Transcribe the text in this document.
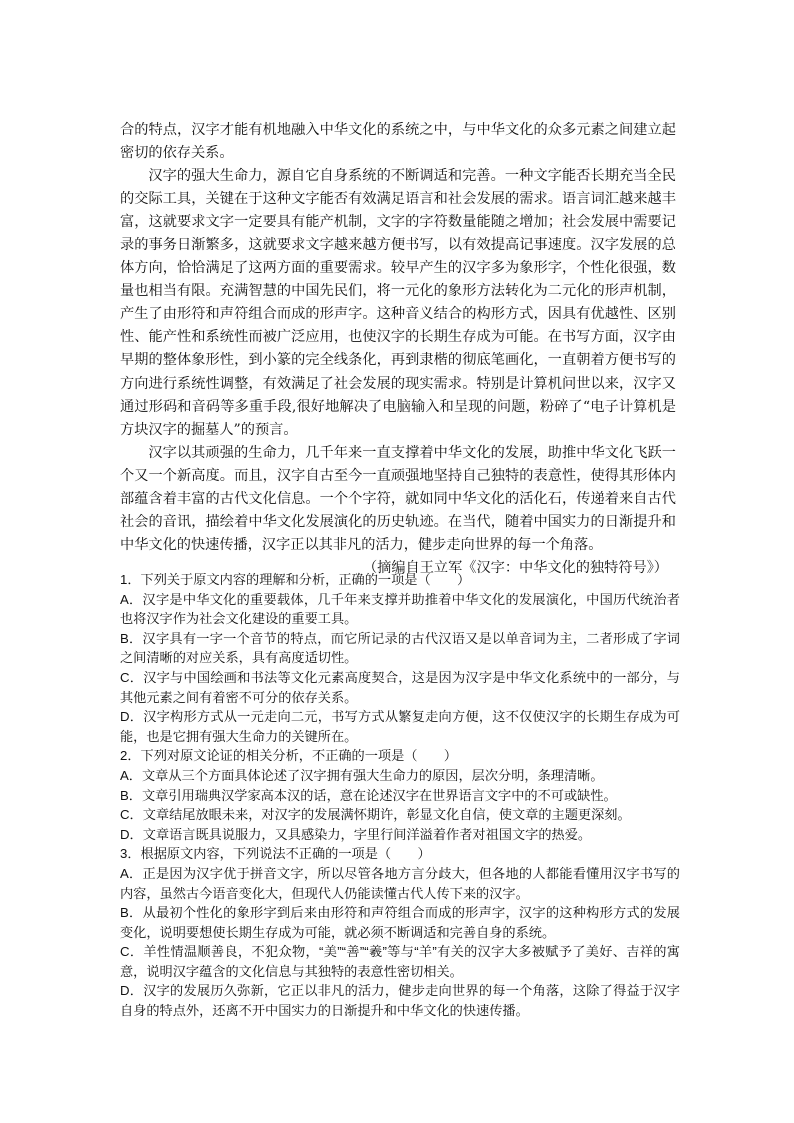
合的特点，汉字才能有机地融入中华文化的系统之中，与中华文化的众多元素之间建立起密切的依存关系。

汉字的强大生命力，源自它自身系统的不断调适和完善。一种文字能否长期充当全民的交际工具，关键在于这种文字能否有效满足语言和社会发展的需求。语言词汇越来越丰富，这就要求文字一定要具有能产机制，文字的字符数量能随之增加；社会发展中需要记录的事务日渐繁多，这就要求文字越来越方便书写，以有效提高记事速度。汉字发展的总体方向，恰恰满足了这两方面的重要需求。较早产生的汉字多为象形字，个性化很强，数量也相当有限。充满智慧的中国先民们，将一元化的象形方法转化为二元化的形声机制，产生了由形符和声符组合而成的形声字。这种音义结合的构形方式，因具有优越性、区别性、能产性和系统性而被广泛应用，也使汉字的长期生存成为可能。在书写方面，汉字由早期的整体象形性，到小篆的完全线条化，再到隶楷的彻底笔画化，一直朝着方便书写的方向进行系统性调整，有效满足了社会发展的现实需求。特别是计算机问世以来，汉字又通过形码和音码等多重手段,很好地解决了电脑输入和呈现的问题，粉碎了“电子计算机是方块汉字的掘墓人”的预言。

汉字以其顽强的生命力，几千年来一直支撑着中华文化的发展，助推中华文化飞跃一个又一个新高度。而且，汉字自古至今一直顽强地坚持自己独特的表意性，使得其形体内部蕴含着丰富的古代文化信息。一个个字符，就如同中华文化的活化石，传递着来自古代社会的音讯，描绘着中华文化发展演化的历史轨迹。在当代，随着中国实力的日渐提升和中华文化的快速传播，汉字正以其非凡的活力，健步走向世界的每一个角落。

（摘编自王立军《汉字：中华文化的独特符号》）

1．下列关于原文内容的理解和分析，正确的一项是（　　）

A．汉字是中华文化的重要载体，几千年来支撑并助推着中华文化的发展演化，中国历代统治者也将汉字作为社会文化建设的重要工具。

B．汉字具有一字一个音节的特点，而它所记录的古代汉语又是以单音词为主，二者形成了字词之间清晰的对应关系，具有高度适切性。

C．汉字与中国绘画和书法等文化元素高度契合，这是因为汉字是中华文化系统中的一部分，与其他元素之间有着密不可分的依存关系。

D．汉字构形方式从一元走向二元，书写方式从繁复走向方便，这不仅使汉字的长期生存成为可能，也是它拥有强大生命力的关键所在。

2．下列对原文论证的相关分析，不正确的一项是（　　）

A．文章从三个方面具体论述了汉字拥有强大生命力的原因，层次分明，条理清晰。

B．文章引用瑞典汉学家高本汉的话，意在论述汉字在世界语言文字中的不可或缺性。

C．文章结尾放眼未来，对汉字的发展满怀期许，彰显文化自信，使文章的主题更深刻。

D．文章语言既具说服力，又具感染力，字里行间洋溢着作者对祖国文字的热爱。

3．根据原文内容，下列说法不正确的一项是（　　）

A．正是因为汉字优于拼音文字，所以尽管各地方言分歧大，但各地的人都能看懂用汉字书写的内容，虽然古今语音变化大，但现代人仍能读懂古代人传下来的汉字。

B．从最初个性化的象形字到后来由形符和声符组合而成的形声字，汉字的这种构形方式的发展变化，说明要想使长期生存成为可能，就必须不断调适和完善自身的系统。

C．羊性情温顺善良，不犯众物，“美”“善”“羲”等与“羊”有关的汉字大多被赋予了美好、吉祥的寓意，说明汉字蕴含的文化信息与其独特的表意性密切相关。

D．汉字的发展历久弥新，它正以非凡的活力，健步走向世界的每一个角落，这除了得益于汉字自身的特点外，还离不开中国实力的日渐提升和中华文化的快速传播。
